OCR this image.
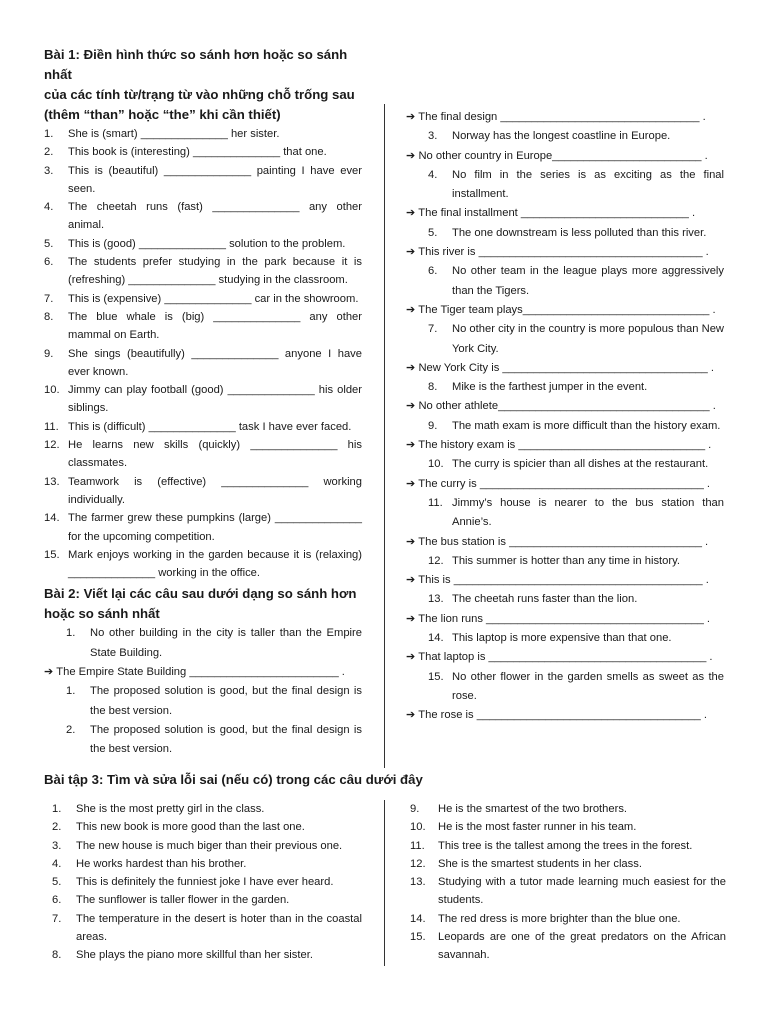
Bài 1: Điền hình thức so sánh hơn hoặc so sánh nhất
của các tính từ/trạng từ vào những chỗ trống sau
(thêm “than” hoặc “the” khi cần thiết)
1. She is (smart) ______________ her sister.
2. This book is (interesting) ______________ that one.
3. This is (beautiful) ______________ painting I have ever seen.
4. The cheetah runs (fast) ______________ any other animal.
5. This is (good) ______________ solution to the problem.
6. The students prefer studying in the park because it is (refreshing) ______________ studying in the classroom.
7. This is (expensive) ______________ car in the showroom.
8. The blue whale is (big) ______________ any other mammal on Earth.
9. She sings (beautifully) ______________ anyone I have ever known.
10. Jimmy can play football (good) ______________ his older siblings.
11. This is (difficult) ______________ task I have ever faced.
12. He learns new skills (quickly) ______________ his classmates.
13. Teamwork is (effective) ______________ working individually.
14. The farmer grew these pumpkins (large) ______________ for the upcoming competition.
15. Mark enjoys working in the garden because it is (relaxing) ______________ working in the office.
Bài 2: Viết lại các câu sau dưới dạng so sánh hơn
hoặc so sánh nhất
1. No other building in the city is taller than the Empire State Building.
➔ The Empire State Building ________________________ .
1. The proposed solution is good, but the final design is the best version.
2. The proposed solution is good, but the final design is the best version.
➔ The final design ________________________________ .
3. Norway has the longest coastline in Europe.
➔ No other country in Europe________________________ .
4. No film in the series is as exciting as the final installment.
➔ The final installment ___________________________ .
5. The one downstream is less polluted than this river.
➔ This river is ____________________________________ .
6. No other team in the league plays more aggressively than the Tigers.
➔ The Tiger team plays______________________________ .
7. No other city in the country is more populous than New York City.
➔ New York City is _________________________________ .
8. Mike is the farthest jumper in the event.
➔ No other athlete__________________________________ .
9. The math exam is more difficult than the history exam.
➔ The history exam is ______________________________ .
10. The curry is spicier than all dishes at the restaurant.
➔ The curry is ____________________________________ .
11. Jimmy’s house is nearer to the bus station than Annie’s.
➔ The bus station is _______________________________ .
12. This summer is hotter than any time in history.
➔ This is ________________________________________ .
13. The cheetah runs faster than the lion.
➔ The lion runs ___________________________________ .
14. This laptop is more expensive than that one.
➔ That laptop is ___________________________________ .
15. No other flower in the garden smells as sweet as the rose.
➔ The rose is ____________________________________ .
Bài tập 3: Tìm và sửa lỗi sai (nếu có) trong các câu dưới đây
1. She is the most pretty girl in the class.
2. This new book is more good than the last one.
3. The new house is much biger than their previous one.
4. He works hardest than his brother.
5. This is definitely the funniest joke I have ever heard.
6. The sunflower is taller flower in the garden.
7. The temperature in the desert is hoter than in the coastal areas.
8. She plays the piano more skillful than her sister.
9. He is the smartest of the two brothers.
10. He is the most faster runner in his team.
11. This tree is the tallest among the trees in the forest.
12. She is the smartest students in her class.
13. Studying with a tutor made learning much easiest for the students.
14. The red dress is more brighter than the blue one.
15. Leopards are one of the great predators on the African savannah.
